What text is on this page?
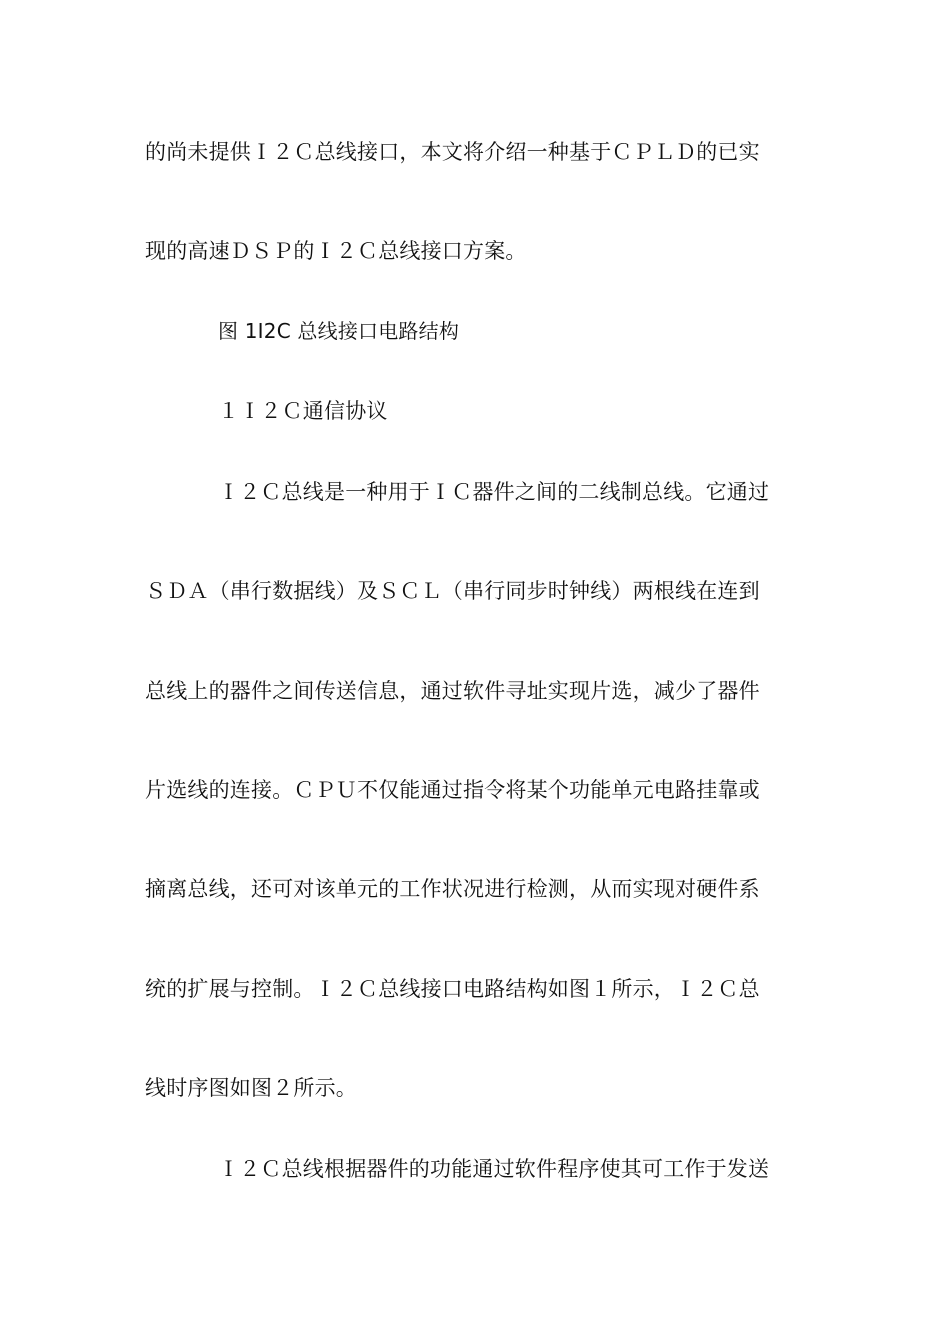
的尚未提供Ｉ２Ｃ总线接口，本文将介绍一种基于ＣＰＬＤ的已实
现的高速ＤＳＰ的Ｉ２Ｃ总线接口方案。
图 1I2C 总线接口电路结构
１Ｉ２Ｃ通信协议
Ｉ２Ｃ总线是一种用于ＩＣ器件之间的二线制总线。它通过
ＳＤＡ（串行数据线）及ＳＣＬ（串行同步时钟线）两根线在连到
总线上的器件之间传送信息，通过软件寻址实现片选，减少了器件
片选线的连接。ＣＰＵ不仅能通过指令将某个功能单元电路挂靠或
摘离总线，还可对该单元的工作状况进行检测，从而实现对硬件系
统的扩展与控制。Ｉ２Ｃ总线接口电路结构如图１所示，Ｉ２Ｃ总
线时序图如图２所示。
Ｉ２Ｃ总线根据器件的功能通过软件程序使其可工作于发送
